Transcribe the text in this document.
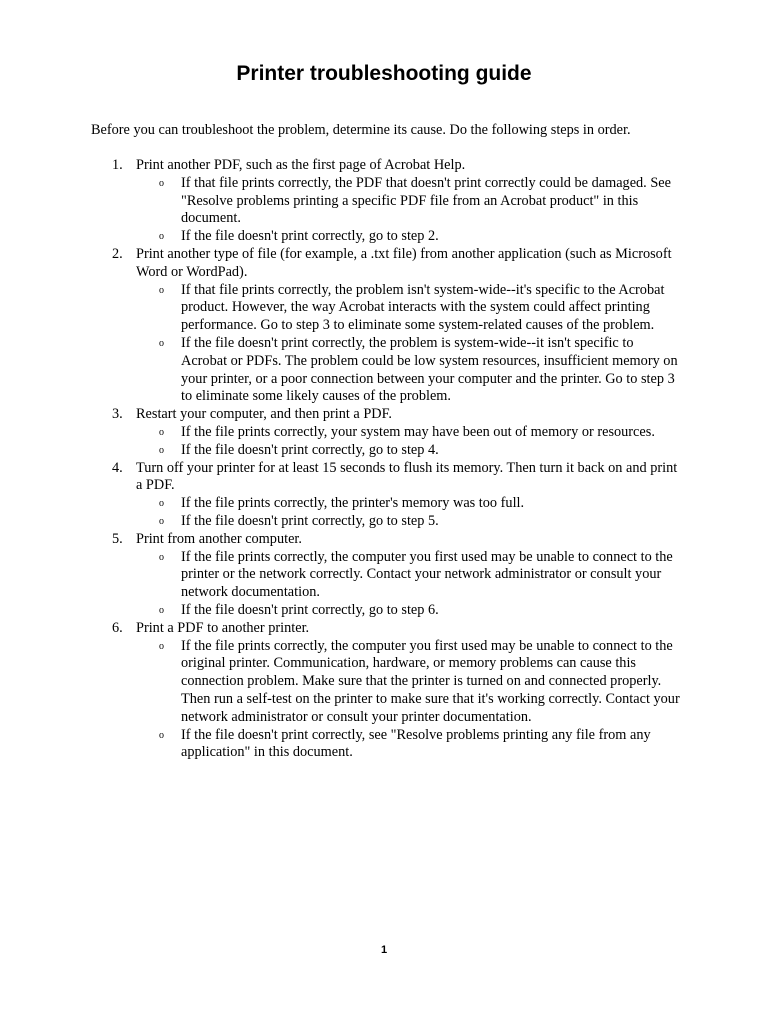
Printer troubleshooting guide

Before you can troubleshoot the problem, determine its cause. Do the following steps in order.

1. Print another PDF, such as the first page of Acrobat Help.
o If that file prints correctly, the PDF that doesn't print correctly could be damaged. See "Resolve problems printing a specific PDF file from an Acrobat product" in this document.
o If the file doesn't print correctly, go to step 2.
2. Print another type of file (for example, a .txt file) from another application (such as Microsoft Word or WordPad).
o If that file prints correctly, the problem isn't system-wide--it's specific to the Acrobat product. However, the way Acrobat interacts with the system could affect printing performance. Go to step 3 to eliminate some system-related causes of the problem.
o If the file doesn't print correctly, the problem is system-wide--it isn't specific to Acrobat or PDFs. The problem could be low system resources, insufficient memory on your printer, or a poor connection between your computer and the printer. Go to step 3 to eliminate some likely causes of the problem.
3. Restart your computer, and then print a PDF.
o If the file prints correctly, your system may have been out of memory or resources.
o If the file doesn't print correctly, go to step 4.
4. Turn off your printer for at least 15 seconds to flush its memory. Then turn it back on and print a PDF.
o If the file prints correctly, the printer's memory was too full.
o If the file doesn't print correctly, go to step 5.
5. Print from another computer.
o If the file prints correctly, the computer you first used may be unable to connect to the printer or the network correctly. Contact your network administrator or consult your network documentation.
o If the file doesn't print correctly, go to step 6.
6. Print a PDF to another printer.
o If the file prints correctly, the computer you first used may be unable to connect to the original printer. Communication, hardware, or memory problems can cause this connection problem. Make sure that the printer is turned on and connected properly. Then run a self-test on the printer to make sure that it's working correctly. Contact your network administrator or consult your printer documentation.
o If the file doesn't print correctly, see "Resolve problems printing any file from any application" in this document.
1
